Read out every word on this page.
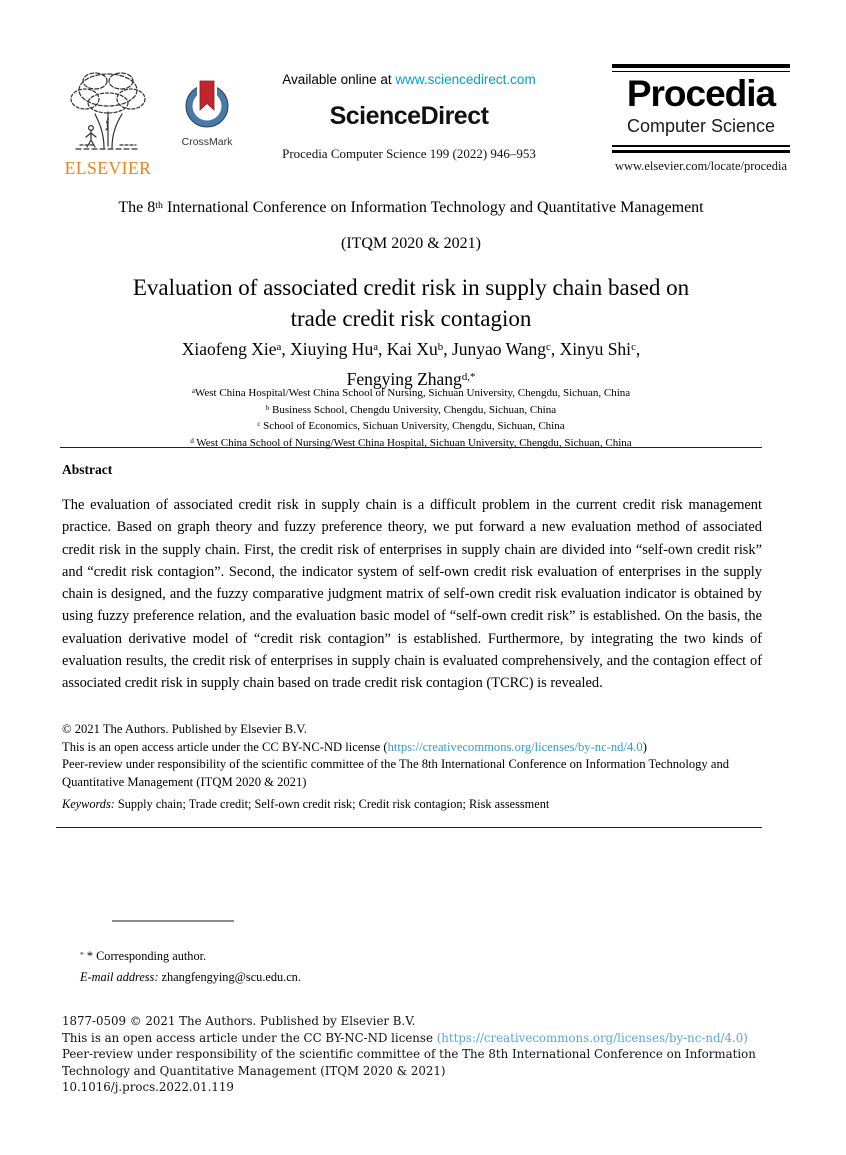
ELSEVIER
CrossMark
Available online at www.sciencedirect.com
ScienceDirect
Procedia Computer Science 199 (2022) 946–953
Procedia
Computer Science
www.elsevier.com/locate/procedia
The 8th International Conference on Information Technology and Quantitative Management
(ITQM 2020 & 2021)
Evaluation of associated credit risk in supply chain based on
trade credit risk contagion
Xiaofeng Xie$^a$, Xiuying Hu$^a$, Kai Xu$^b$, Junyao Wang$^c$, Xinyu Shi$^c$,
Fengying Zhang$^{d,*}$
$^a$West China Hospital/West China School of Nursing, Sichuan University, Chengdu, Sichuan, China
$^b$ Business School, Chengdu University, Chengdu, Sichuan, China
$^c$ School of Economics, Sichuan University, Chengdu, Sichuan, China
$^d$ West China School of Nursing/West China Hospital, Sichuan University, Chengdu, Sichuan, China
Abstract
The evaluation of associated credit risk in supply chain is a difficult problem in the current credit risk management practice. Based on graph theory and fuzzy preference theory, we put forward a new evaluation method of associated credit risk in the supply chain. First, the credit risk of enterprises in supply chain are divided into “self-own credit risk” and “credit risk contagion”. Second, the indicator system of self-own credit risk evaluation of enterprises in the supply chain is designed, and the fuzzy comparative judgment matrix of self-own credit risk evaluation indicator is obtained by using fuzzy preference relation, and the evaluation basic model of “self-own credit risk” is established. On the basis, the evaluation derivative model of “credit risk contagion” is established. Furthermore, by integrating the two kinds of evaluation results, the credit risk of enterprises in supply chain is evaluated comprehensively, and the contagion effect of associated credit risk in supply chain based on trade credit risk contagion (TCRC) is revealed.
© 2021 The Authors. Published by Elsevier B.V.
This is an open access article under the CC BY-NC-ND license (https://creativecommons.org/licenses/by-nc-nd/4.0)
Peer-review under responsibility of the scientific committee of the The 8th International Conference on Information Technology and Quantitative Management (ITQM 2020 & 2021)
Keywords: Supply chain; Trade credit; Self-own credit risk; Credit risk contagion; Risk assessment
* * Corresponding author.
E-mail address: zhangfengying@scu.edu.cn.
1877-0509 © 2021 The Authors. Published by Elsevier B.V.
This is an open access article under the CC BY-NC-ND license (https://creativecommons.org/licenses/by-nc-nd/4.0)
Peer-review under responsibility of the scientific committee of the The 8th International Conference on Information Technology and Quantitative Management (ITQM 2020 & 2021)
10.1016/j.procs.2022.01.119
